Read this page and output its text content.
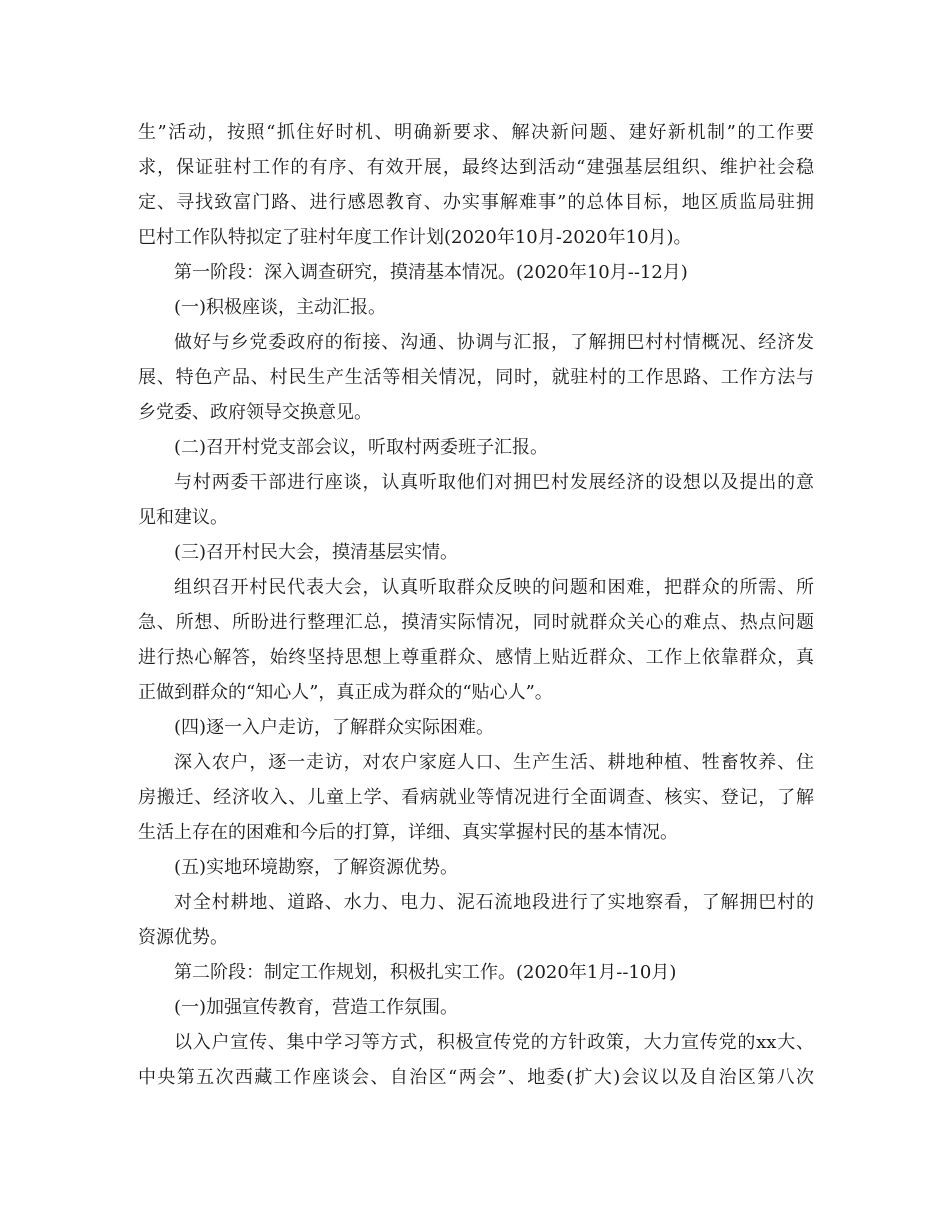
生”活动，按照“抓住好时机、明确新要求、解决新问题、建好新机制”的工作要
求，保证驻村工作的有序、有效开展，最终达到活动“建强基层组织、维护社会稳
定、寻找致富门路、进行感恩教育、办实事解难事”的总体目标，地区质监局驻拥
巴村工作队特拟定了驻村年度工作计划(2020年10月-2020年10月)。
第一阶段：深入调查研究，摸清基本情况。(2020年10月--12月)
(一)积极座谈，主动汇报。
做好与乡党委政府的衔接、沟通、协调与汇报，了解拥巴村村情概况、经济发
展、特色产品、村民生产生活等相关情况，同时，就驻村的工作思路、工作方法与
乡党委、政府领导交换意见。
(二)召开村党支部会议，听取村两委班子汇报。
与村两委干部进行座谈，认真听取他们对拥巴村发展经济的设想以及提出的意
见和建议。
(三)召开村民大会，摸清基层实情。
组织召开村民代表大会，认真听取群众反映的问题和困难，把群众的所需、所
急、所想、所盼进行整理汇总，摸清实际情况，同时就群众关心的难点、热点问题
进行热心解答，始终坚持思想上尊重群众、感情上贴近群众、工作上依靠群众，真
正做到群众的“知心人”，真正成为群众的“贴心人”。
(四)逐一入户走访，了解群众实际困难。
深入农户，逐一走访，对农户家庭人口、生产生活、耕地种植、牲畜牧养、住
房搬迁、经济收入、儿童上学、看病就业等情况进行全面调查、核实、登记，了解
生活上存在的困难和今后的打算，详细、真实掌握村民的基本情况。
(五)实地环境勘察，了解资源优势。
对全村耕地、道路、水力、电力、泥石流地段进行了实地察看，了解拥巴村的
资源优势。
第二阶段：制定工作规划，积极扎实工作。(2020年1月--10月)
(一)加强宣传教育，营造工作氛围。
以入户宣传、集中学习等方式，积极宣传党的方针政策，大力宣传党的xx大、
中央第五次西藏工作座谈会、自治区“两会”、地委(扩大)会议以及自治区第八次
